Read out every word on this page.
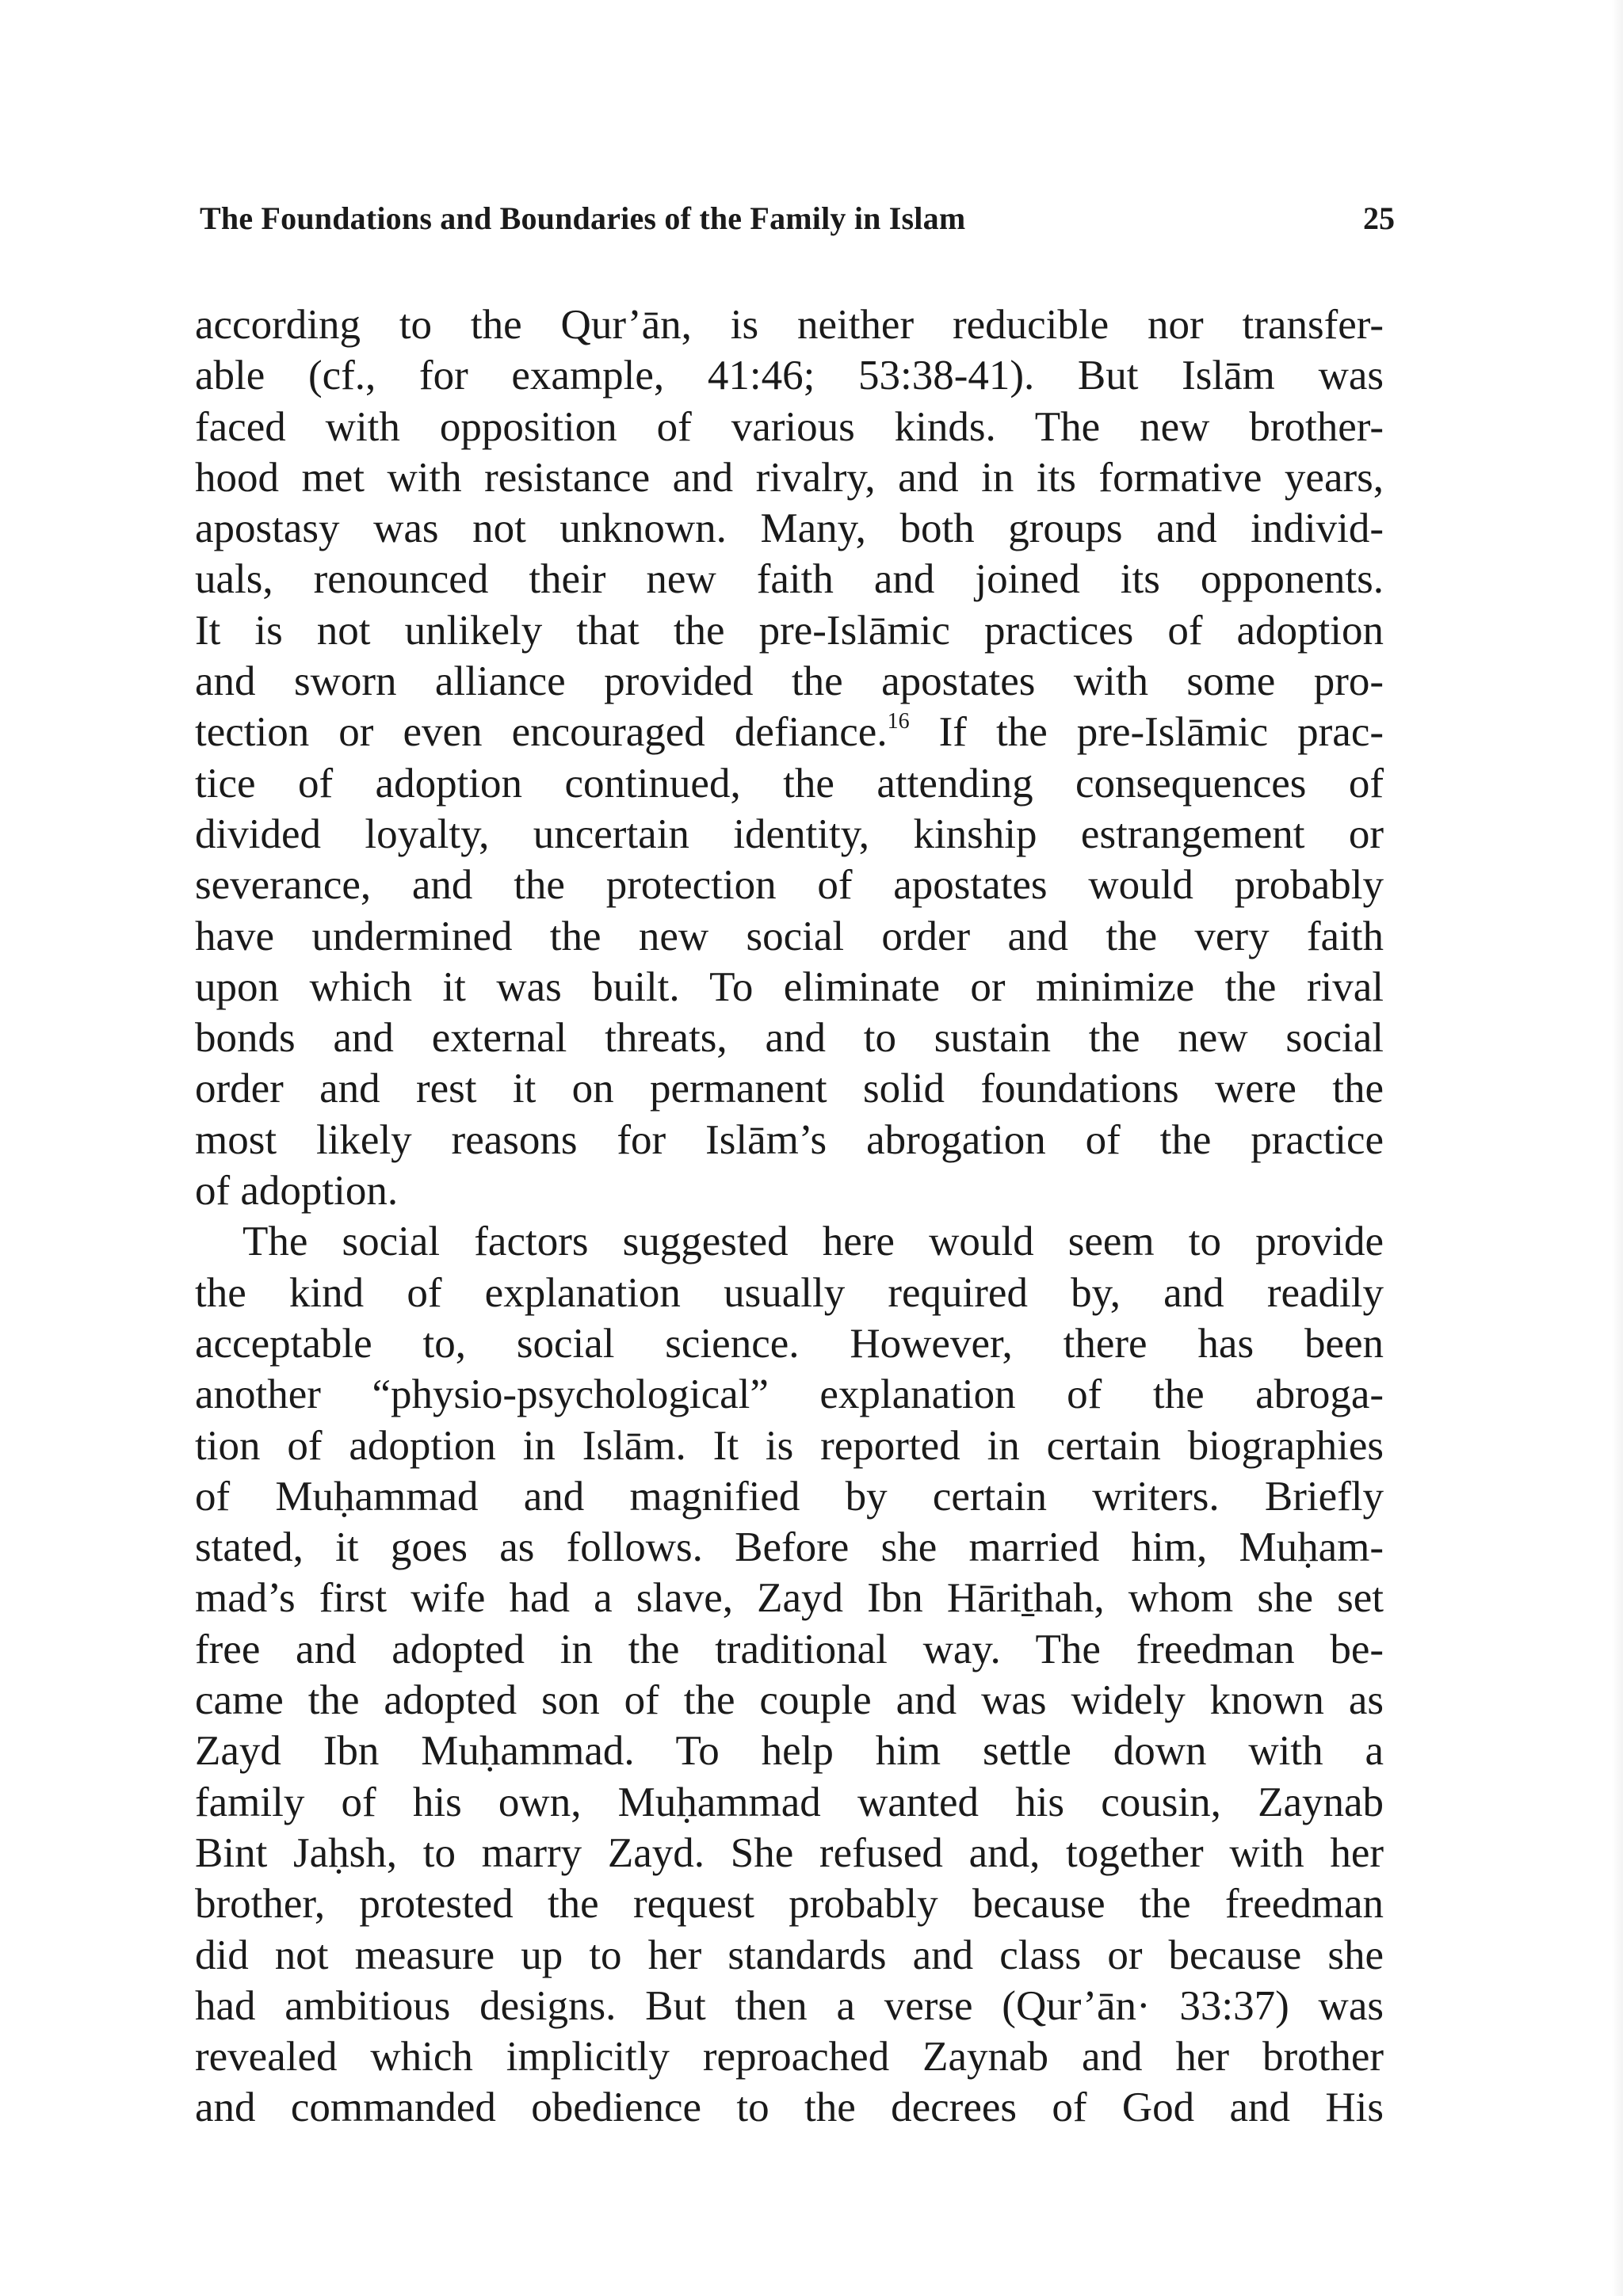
The Foundations and Boundaries of the Family in Islam	25
according to the Qur’ān, is neither reducible nor transfer-
able (cf., for example, 41:46; 53:38-41). But Islām was
faced with opposition of various kinds. The new brother-
hood met with resistance and rivalry, and in its formative years,
apostasy was not unknown. Many, both groups and individ-
uals, renounced their new faith and joined its opponents.
It is not unlikely that the pre-Islāmic practices of adoption
and sworn alliance provided the apostates with some pro-
tection or even encouraged defiance.$^{16}$ If the pre-Islāmic prac-
tice of adoption continued, the attending consequences of
divided loyalty, uncertain identity, kinship estrangement or
severance, and the protection of apostates would probably
have undermined the new social order and the very faith
upon which it was built. To eliminate or minimize the rival
bonds and external threats, and to sustain the new social
order and rest it on permanent solid foundations were the
most likely reasons for Islām’s abrogation of the practice
of adoption.
The social factors suggested here would seem to provide
the kind of explanation usually required by, and readily
acceptable to, social science. However, there has been
another “physio-psychological” explanation of the abroga-
tion of adoption in Islām. It is reported in certain biographies
of Muḥammad and magnified by certain writers. Briefly
stated, it goes as follows. Before she married him, Muḥam-
mad’s first wife had a slave, Zayd Ibn Hāriṯhah, whom she set
free and adopted in the traditional way. The freedman be-
came the adopted son of the couple and was widely known as
Zayd Ibn Muḥammad. To help him settle down with a
family of his own, Muḥammad wanted his cousin, Zaynab
Bint Jaḥsh, to marry Zayd. She refused and, together with her
brother, protested the request probably because the freedman
did not measure up to her standards and class or because she
had ambitious designs. But then a verse (Qur’ān· 33:37) was
revealed which implicitly reproached Zaynab and her brother
and commanded obedience to the decrees of God and His
